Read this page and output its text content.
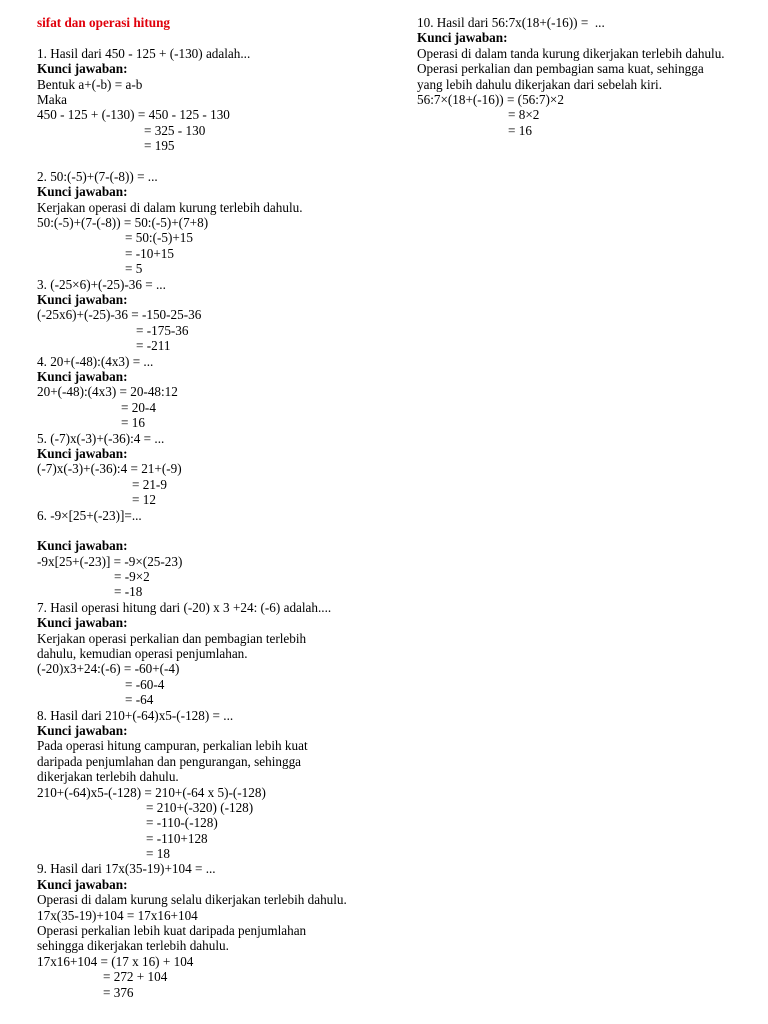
sifat dan operasi hitung
1. Hasil dari 450 - 125 + (-130) adalah...
Kunci jawaban:
Bentuk a+(-b) = a-b
Maka
450 - 125 + (-130) = 450 - 125 - 130
= 325 - 130
= 195
2. 50:(-5)+(7-(-8)) = ...
Kunci jawaban:
Kerjakan operasi di dalam kurung terlebih dahulu.
50:(-5)+(7-(-8)) = 50:(-5)+(7+8)
= 50:(-5)+15
= -10+15
= 5
3. (-25×6)+(-25)-36 = ...
Kunci jawaban:
(-25x6)+(-25)-36 = -150-25-36
= -175-36
= -211
4. 20+(-48):(4x3) = ...
Kunci jawaban:
20+(-48):(4x3) = 20-48:12
= 20-4
= 16
5. (-7)x(-3)+(-36):4 = ...
Kunci jawaban:
(-7)x(-3)+(-36):4 = 21+(-9)
= 21-9
= 12
6. -9×[25+(-23)]=...
Kunci jawaban:
-9x[25+(-23)] = -9×(25-23)
= -9×2
= -18
7. Hasil operasi hitung dari (-20) x 3 +24: (-6) adalah....
Kunci jawaban:
Kerjakan operasi perkalian dan pembagian terlebih
dahulu, kemudian operasi penjumlahan.
(-20)x3+24:(-6) = -60+(-4)
= -60-4
= -64
8. Hasil dari 210+(-64)x5-(-128) = ...
Kunci jawaban:
Pada operasi hitung campuran, perkalian lebih kuat
daripada penjumlahan dan pengurangan, sehingga
dikerjakan terlebih dahulu.
210+(-64)x5-(-128) = 210+(-64 x 5)-(-128)
= 210+(-320) (-128)
= -110-(-128)
= -110+128
= 18
9. Hasil dari 17x(35-19)+104 = ...
Kunci jawaban:
Operasi di dalam kurung selalu dikerjakan terlebih dahulu.
17x(35-19)+104 = 17x16+104
Operasi perkalian lebih kuat daripada penjumlahan
sehingga dikerjakan terlebih dahulu.
17x16+104 = (17 x 16) + 104
= 272 + 104
= 376
10. Hasil dari 56:7x(18+(-16)) =  ...
Kunci jawaban:
Operasi di dalam tanda kurung dikerjakan terlebih dahulu.
Operasi perkalian dan pembagian sama kuat, sehingga
yang lebih dahulu dikerjakan dari sebelah kiri.
56:7×(18+(-16)) = (56:7)×2
= 8×2
= 16
